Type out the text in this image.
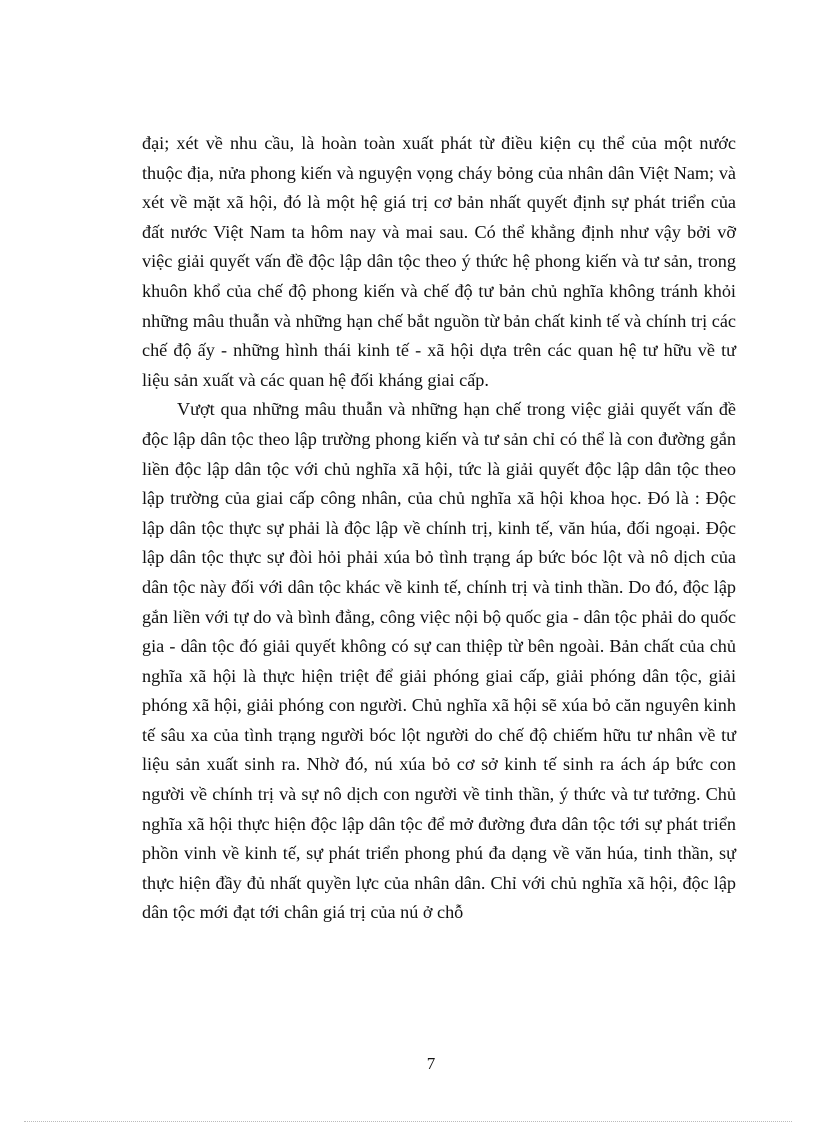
đại; xét về nhu cầu, là hoàn toàn xuất phát từ điều kiện cụ thể của một nước thuộc địa, nửa phong kiến và nguyện vọng cháy bỏng của nhân dân Việt Nam; và xét về mặt xã hội, đó là một hệ giá trị cơ bản nhất quyết định sự phát triển của đất nước Việt Nam ta hôm nay và mai sau. Có thể khẳng định như vậy bởi vỡ việc giải quyết vấn đề độc lập dân tộc theo ý thức hệ phong kiến và tư sản, trong khuôn khổ của chế độ phong kiến và chế độ tư bản chủ nghĩa không tránh khỏi những mâu thuẫn và những hạn chế bắt nguồn từ bản chất kinh tế và chính trị các chế độ ấy - những hình thái kinh tế - xã hội dựa trên các quan hệ tư hữu về tư liệu sản xuất và các quan hệ đối kháng giai cấp.

Vượt qua những mâu thuẫn và những hạn chế trong việc giải quyết vấn đề độc lập dân tộc theo lập trường phong kiến và tư sản chỉ có thể là con đường gắn liền độc lập dân tộc với chủ nghĩa xã hội, tức là giải quyết độc lập dân tộc theo lập trường của giai cấp công nhân, của chủ nghĩa xã hội khoa học. Đó là : Độc lập dân tộc thực sự phải là độc lập về chính trị, kinh tế, văn húa, đối ngoại. Độc lập dân tộc thực sự đòi hỏi phải xúa bỏ tình trạng áp bức bóc lột và nô dịch của dân tộc này đối với dân tộc khác về kinh tế, chính trị và tinh thần. Do đó, độc lập gắn liền với tự do và bình đẳng, công việc nội bộ quốc gia - dân tộc phải do quốc gia - dân tộc đó giải quyết không có sự can thiệp từ bên ngoài. Bản chất của chủ nghĩa xã hội là thực hiện triệt để giải phóng giai cấp, giải phóng dân tộc, giải phóng xã hội, giải phóng con người. Chủ nghĩa xã hội sẽ xúa bỏ căn nguyên kinh tế sâu xa của tình trạng người bóc lột người do chế độ chiếm hữu tư nhân về tư liệu sản xuất sinh ra. Nhờ đó, nú xúa bỏ cơ sở kinh tế sinh ra ách áp bức con người về chính trị và sự nô dịch con người về tinh thần, ý thức và tư tưởng. Chủ nghĩa xã hội thực hiện độc lập dân tộc để mở đường đưa dân tộc tới sự phát triển phồn vinh về kinh tế, sự phát triển phong phú đa dạng về văn húa, tinh thần, sự thực hiện đầy đủ nhất quyền lực của nhân dân. Chỉ với chủ nghĩa xã hội, độc lập dân tộc mới đạt tới chân giá trị của nú ở chỗ

7
